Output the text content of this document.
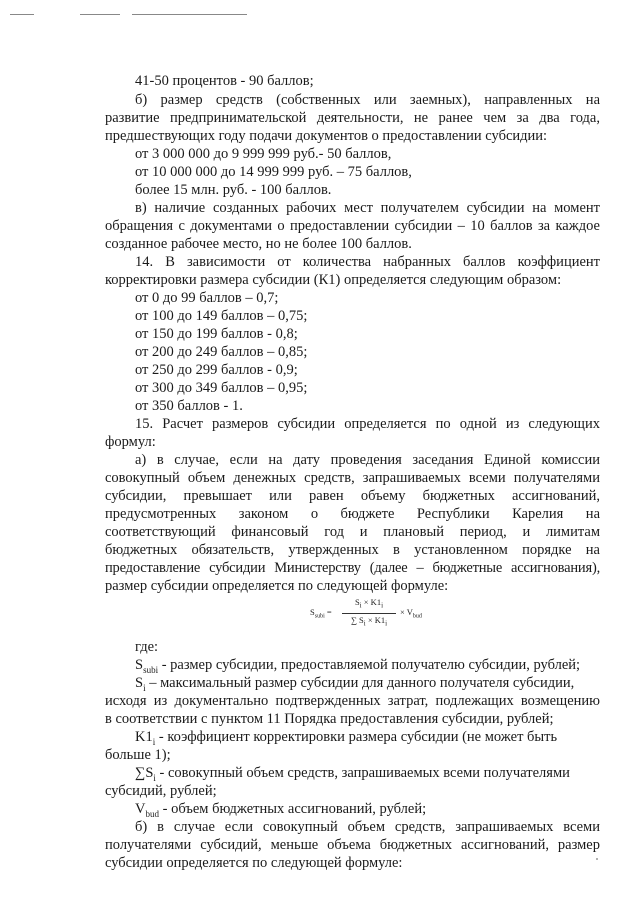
41-50 процентов - 90 баллов;

б) размер средств (собственных или заемных), направленных на

развитие предпринимательской деятельности, не ранее чем за два года,

предшествующих году подачи документов о предоставлении субсидии:

от 3 000 000 до 9 999 999 руб.- 50 баллов,

от 10 000 000 до 14 999 999 руб. – 75 баллов,

более 15 млн. руб. - 100 баллов.

в) наличие созданных рабочих мест получателем субсидии на момент

обращения с документами о предоставлении субсидии – 10 баллов за каждое

созданное рабочее место, но не более 100 баллов.

14. В зависимости от количества набранных баллов коэффициент

корректировки размера субсидии (К1) определяется следующим образом:

от 0 до 99 баллов – 0,7;

от 100 до 149 баллов – 0,75;

от 150 до 199 баллов - 0,8;

от 200 до 249 баллов – 0,85;

от 250 до 299 баллов - 0,9;

от 300 до 349 баллов – 0,95;

от 350 баллов - 1.

15. Расчет размеров субсидии определяется по одной из следующих

формул:

а) в случае, если на дату проведения заседания Единой комиссии

совокупный объем денежных средств, запрашиваемых всеми получателями

субсидии, превышает или равен объему бюджетных ассигнований,

предусмотренных законом о бюджете Республики Карелия на

соответствующий финансовый год и плановый период, и лимитам

бюджетных обязательств, утвержденных в установленном порядке на

предоставление субсидии Министерству (далее – бюджетные ассигнования),

размер субсидии определяется по следующей формуле:

$S_{subi} = \frac{S_i \times K1_i}{\sum S_i \times K1_i} \times V_{bud}$

где:

$S_{subi}$ - размер субсидии, предоставляемой получателю субсидии, рублей;

$S_i$ – максимальный размер субсидии для данного получателя субсидии,

исходя из документально подтвержденных затрат, подлежащих возмещению

в соответствии с пунктом 11 Порядка предоставления субсидии, рублей;

$K1_i$ - коэффициент корректировки размера субсидии (не может быть

больше 1);

$\sum S_i$ - совокупный объем средств, запрашиваемых всеми получателями

субсидий, рублей;

$V_{bud}$ - объем бюджетных ассигнований, рублей;

б) в случае если совокупный объем средств, запрашиваемых всеми

получателями субсидий, меньше объема бюджетных ассигнований, размер

субсидии определяется по следующей формуле:
